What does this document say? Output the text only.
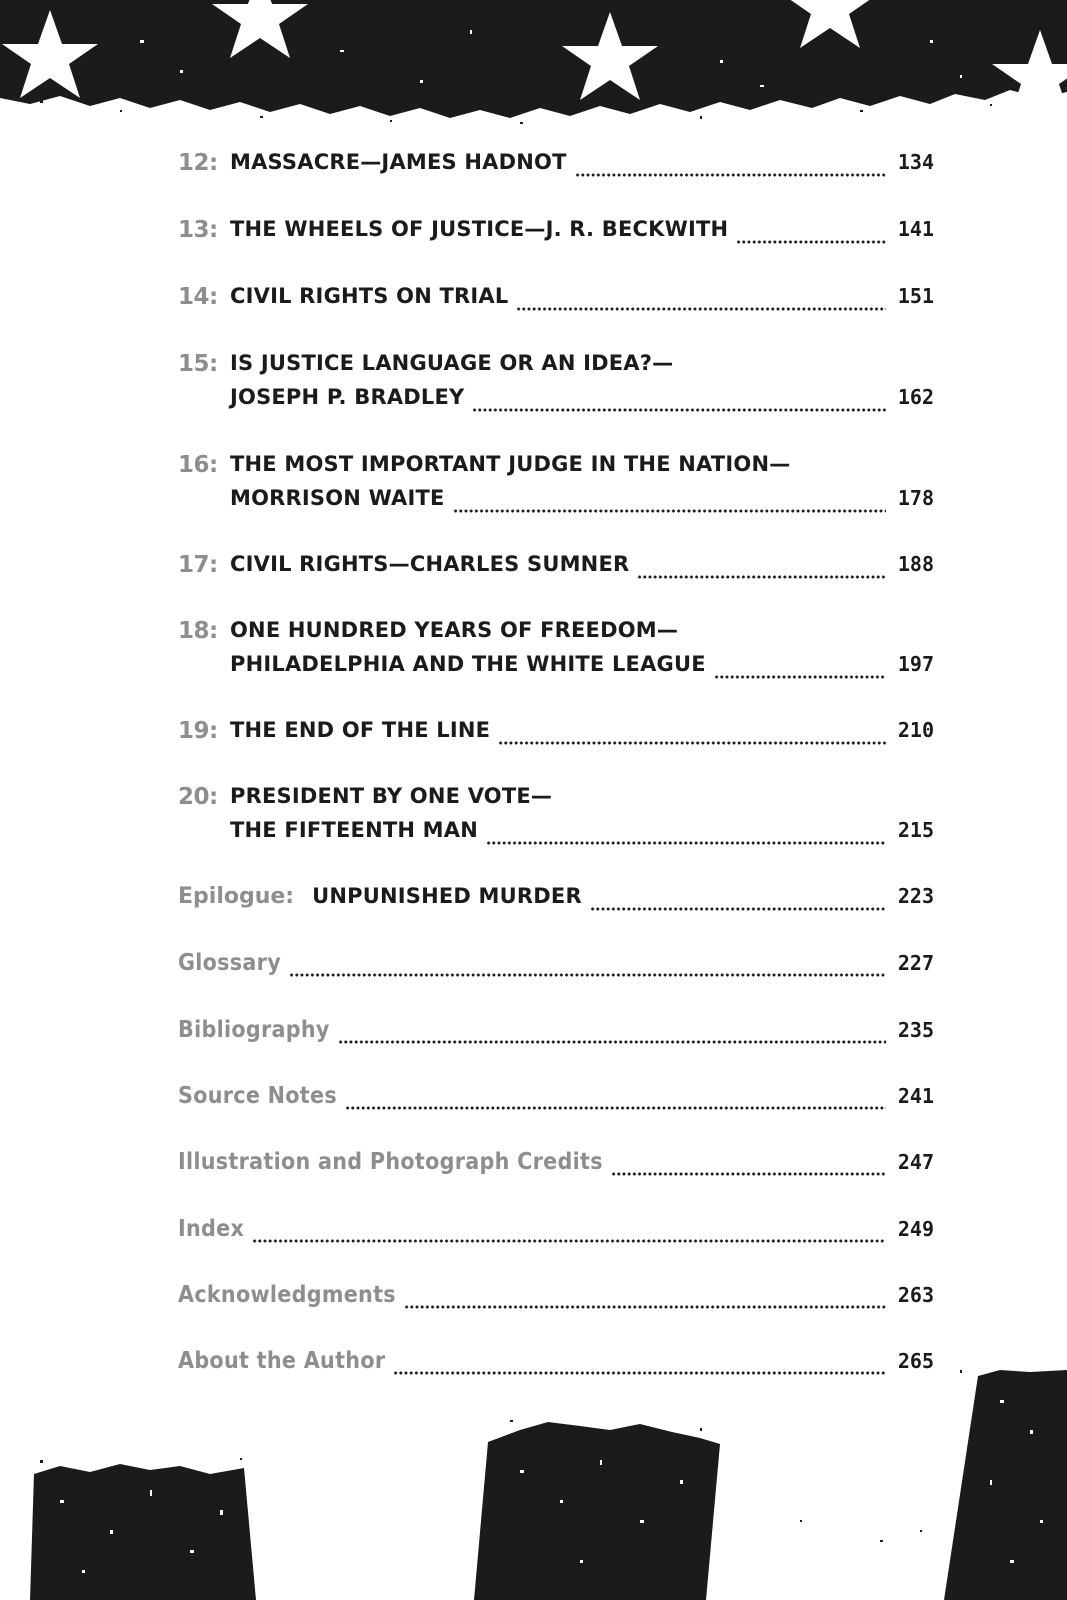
12: MASSACRE—JAMES HADNOT	134
13: THE WHEELS OF JUSTICE—J. R. BECKWITH	141
14: CIVIL RIGHTS ON TRIAL	151
15: IS JUSTICE LANGUAGE OR AN IDEA?—
JOSEPH P. BRADLEY	162
16: THE MOST IMPORTANT JUDGE IN THE NATION—
MORRISON WAITE	178
17: CIVIL RIGHTS—CHARLES SUMNER	188
18: ONE HUNDRED YEARS OF FREEDOM—
PHILADELPHIA AND THE WHITE LEAGUE	197
19: THE END OF THE LINE	210
20: PRESIDENT BY ONE VOTE—
THE FIFTEENTH MAN	215
Epilogue: UNPUNISHED MURDER	223
Glossary	227
Bibliography	235
Source Notes	241
Illustration and Photograph Credits	247
Index	249
Acknowledgments	263
About the Author	265
